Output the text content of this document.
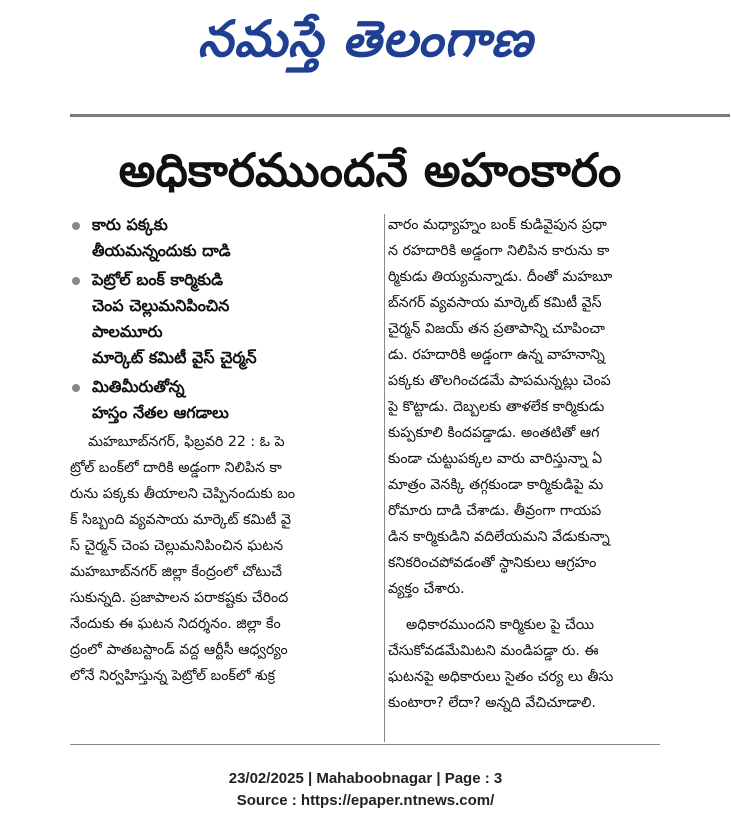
నమస్తే తెలంగాణ
అధికారముందనే అహంకారం
కారు పక్కకు
తీయమన్నందుకు దాడి
పెట్రోల్ బంక్ కార్మికుడి
చెంప చెల్లుమనిపించిన
పాలమూరు
మార్కెట్ కమిటీ వైస్ చైర్మన్
మితిమీరుతోన్న
హస్తం నేతల ఆగడాలు

మహబూబ్‌నగర్, ఫిబ్రవరి 22 : ఓ పె
ట్రోల్ బంక్‌లో దారికి అడ్డంగా నిలిపిన కా
రును పక్కకు తీయాలని చెప్పినందుకు బం
క్ సిబ్బంది వ్యవసాయ మార్కెట్ కమిటీ వై
స్ చైర్మన్ చెంప చెల్లుమనిపించిన ఘటన
మహబూబ్‌నగర్ జిల్లా కేంద్రంలో చోటుచే
సుకున్నది. ప్రజాపాలన పరాకష్టకు చేరింద
నేందుకు ఈ ఘటన నిదర్శనం. జిల్లా కేం
ద్రంలో పాతబస్టాండ్ వద్ద ఆర్టీసీ ఆధ్వర్యం
లోనే నిర్వహిస్తున్న పెట్రోల్ బంక్‌లో శుక్ర

వారం మధ్యాహ్నం బంక్ కుడివైపున ప్రధా
న రహదారికి అడ్డంగా నిలిపిన కారును కా
ర్మికుడు తియ్యమన్నాడు. దీంతో మహబూ
బ్‌నగర్ వ్యవసాయ మార్కెట్ కమిటీ వైస్
చైర్మన్ విజయ్ తన ప్రతాపాన్ని చూపించా
డు. రహదారికి అడ్డంగా ఉన్న వాహనాన్ని
పక్కకు తొలగించడమే పాపమన్నట్లు చెంప
పై కొట్టాడు. దెబ్బలకు తాళలేక కార్మికుడు
కుప్పకూలి కిందపడ్డాడు. అంతటితో ఆగ
కుండా చుట్టుపక్కల వారు వారిస్తున్నా ఏ
మాత్రం వెనక్కి తగ్గకుండా కార్మికుడిపై మ
రోమారు దాడి చేశాడు. తీవ్రంగా గాయప
డిన కార్మికుడిని వదిలేయమని వేడుకున్నా
కనికరించపోవడంతో స్థానికులు ఆగ్రహం
వ్యక్తం చేశారు.

అధికారముందని కార్మికుల పై చేయి
చేసుకోవడమేమిటని మండిపడ్డా రు. ఈ
ఘటనపై అధికారులు సైతం చర్య లు తీసు
కుంటారా? లేదా? అన్నది వేచిచూడాలి.

23/02/2025 | Mahaboobnagar | Page : 3
Source : https://epaper.ntnews.com/
